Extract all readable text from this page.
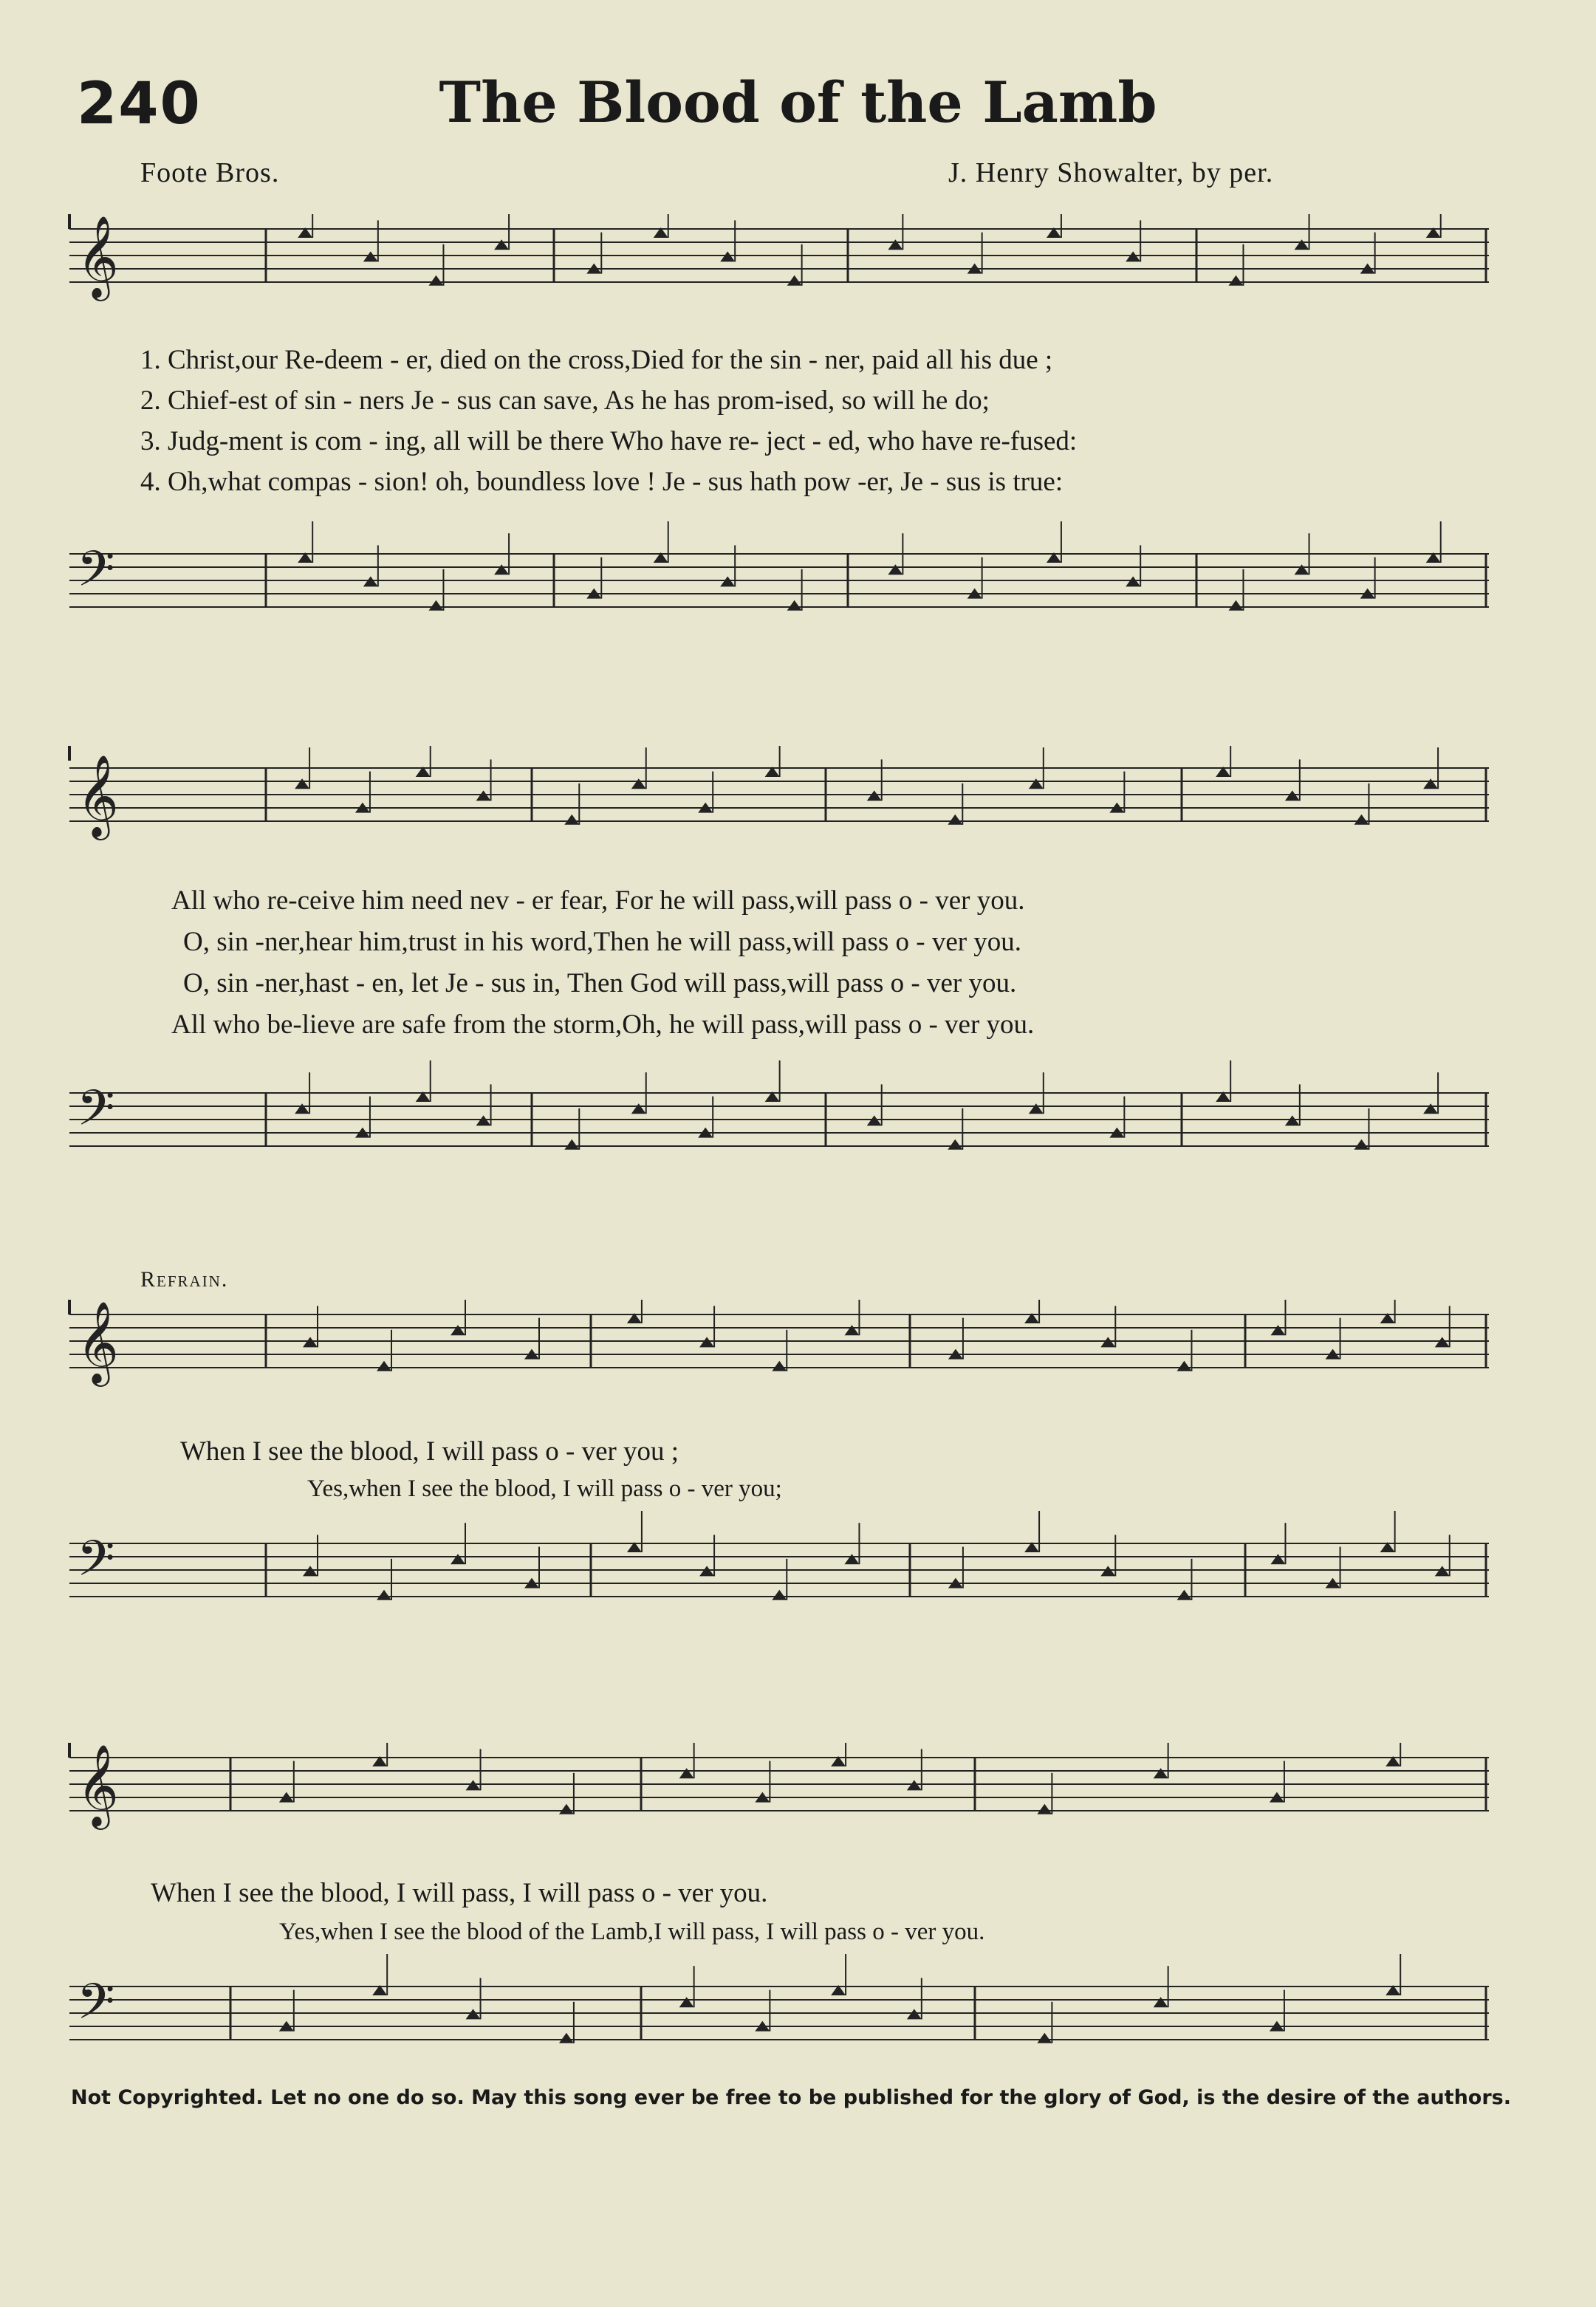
240	The Blood of the Lamb
Foote Bros.	J. Henry Showalter, by per.
𝄞
𝄢
1. Christ,our Re-deem - er, died on the cross,Died for the sin - ner, paid all his due ;
2. Chief-est of sin - ners Je - sus can save, As he has prom-ised, so will he do;
3. Judg-ment is com - ing, all will be there Who have re- ject - ed, who have re-fused:
4. Oh,what compas - sion! oh, boundless love ! Je - sus hath pow -er, Je - sus is true:
𝄞
𝄢
All who re-ceive him need nev - er fear, For he will pass,will pass o - ver you.
O, sin -ner,hear him,trust in his word,Then he will pass,will pass o - ver you.
O, sin -ner,hast - en, let Je - sus in, Then God will pass,will pass o - ver you.
All who be-lieve are safe from the storm,Oh, he will pass,will pass o - ver you.
Refrain.
𝄞
𝄢
When I see the blood, I will pass o - ver you ;
Yes,when I see the blood, I will pass o - ver you;
𝄞
𝄢
When I see the blood, I will pass, I will pass o - ver you.
Yes,when I see the blood of the Lamb,I will pass, I will pass o - ver you.
Not Copyrighted. Let no one do so. May this song ever be free to be published for the glory of God, is the desire of the authors.
